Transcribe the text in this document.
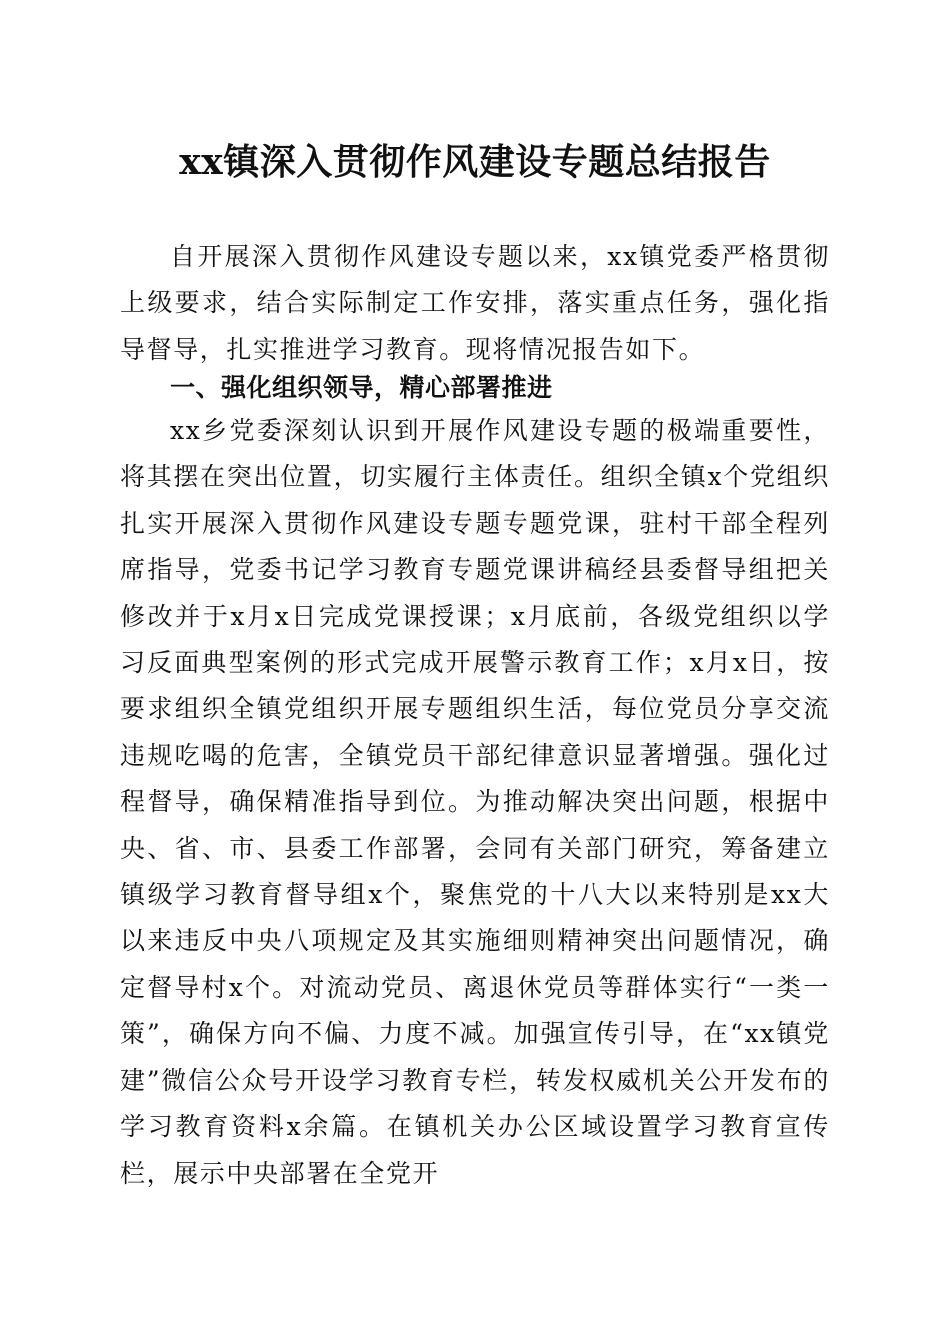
xx镇深入贯彻作风建设专题总结报告

自开展深入贯彻作风建设专题以来，xx镇党委严格贯彻上级要求，结合实际制定工作安排，落实重点任务，强化指导督导，扎实推进学习教育。现将情况报告如下。

一、强化组织领导，精心部署推进

xx乡党委深刻认识到开展作风建设专题的极端重要性，将其摆在突出位置，切实履行主体责任。组织全镇x个党组织扎实开展深入贯彻作风建设专题专题党课，驻村干部全程列席指导，党委书记学习教育专题党课讲稿经县委督导组把关修改并于x月x日完成党课授课；x月底前，各级党组织以学习反面典型案例的形式完成开展警示教育工作；x月x日，按要求组织全镇党组织开展专题组织生活，每位党员分享交流违规吃喝的危害，全镇党员干部纪律意识显著增强。强化过程督导，确保精准指导到位。为推动解决突出问题，根据中央、省、市、县委工作部署，会同有关部门研究，筹备建立镇级学习教育督导组x个，聚焦党的十八大以来特别是xx大以来违反中央八项规定及其实施细则精神突出问题情况，确定督导村x个。对流动党员、离退休党员等群体实行“一类一策”，确保方向不偏、力度不减。加强宣传引导，在“xx镇党建”微信公众号开设学习教育专栏，转发权威机关公开发布的学习教育资料x余篇。在镇机关办公区域设置学习教育宣传栏，展示中央部署在全党开
